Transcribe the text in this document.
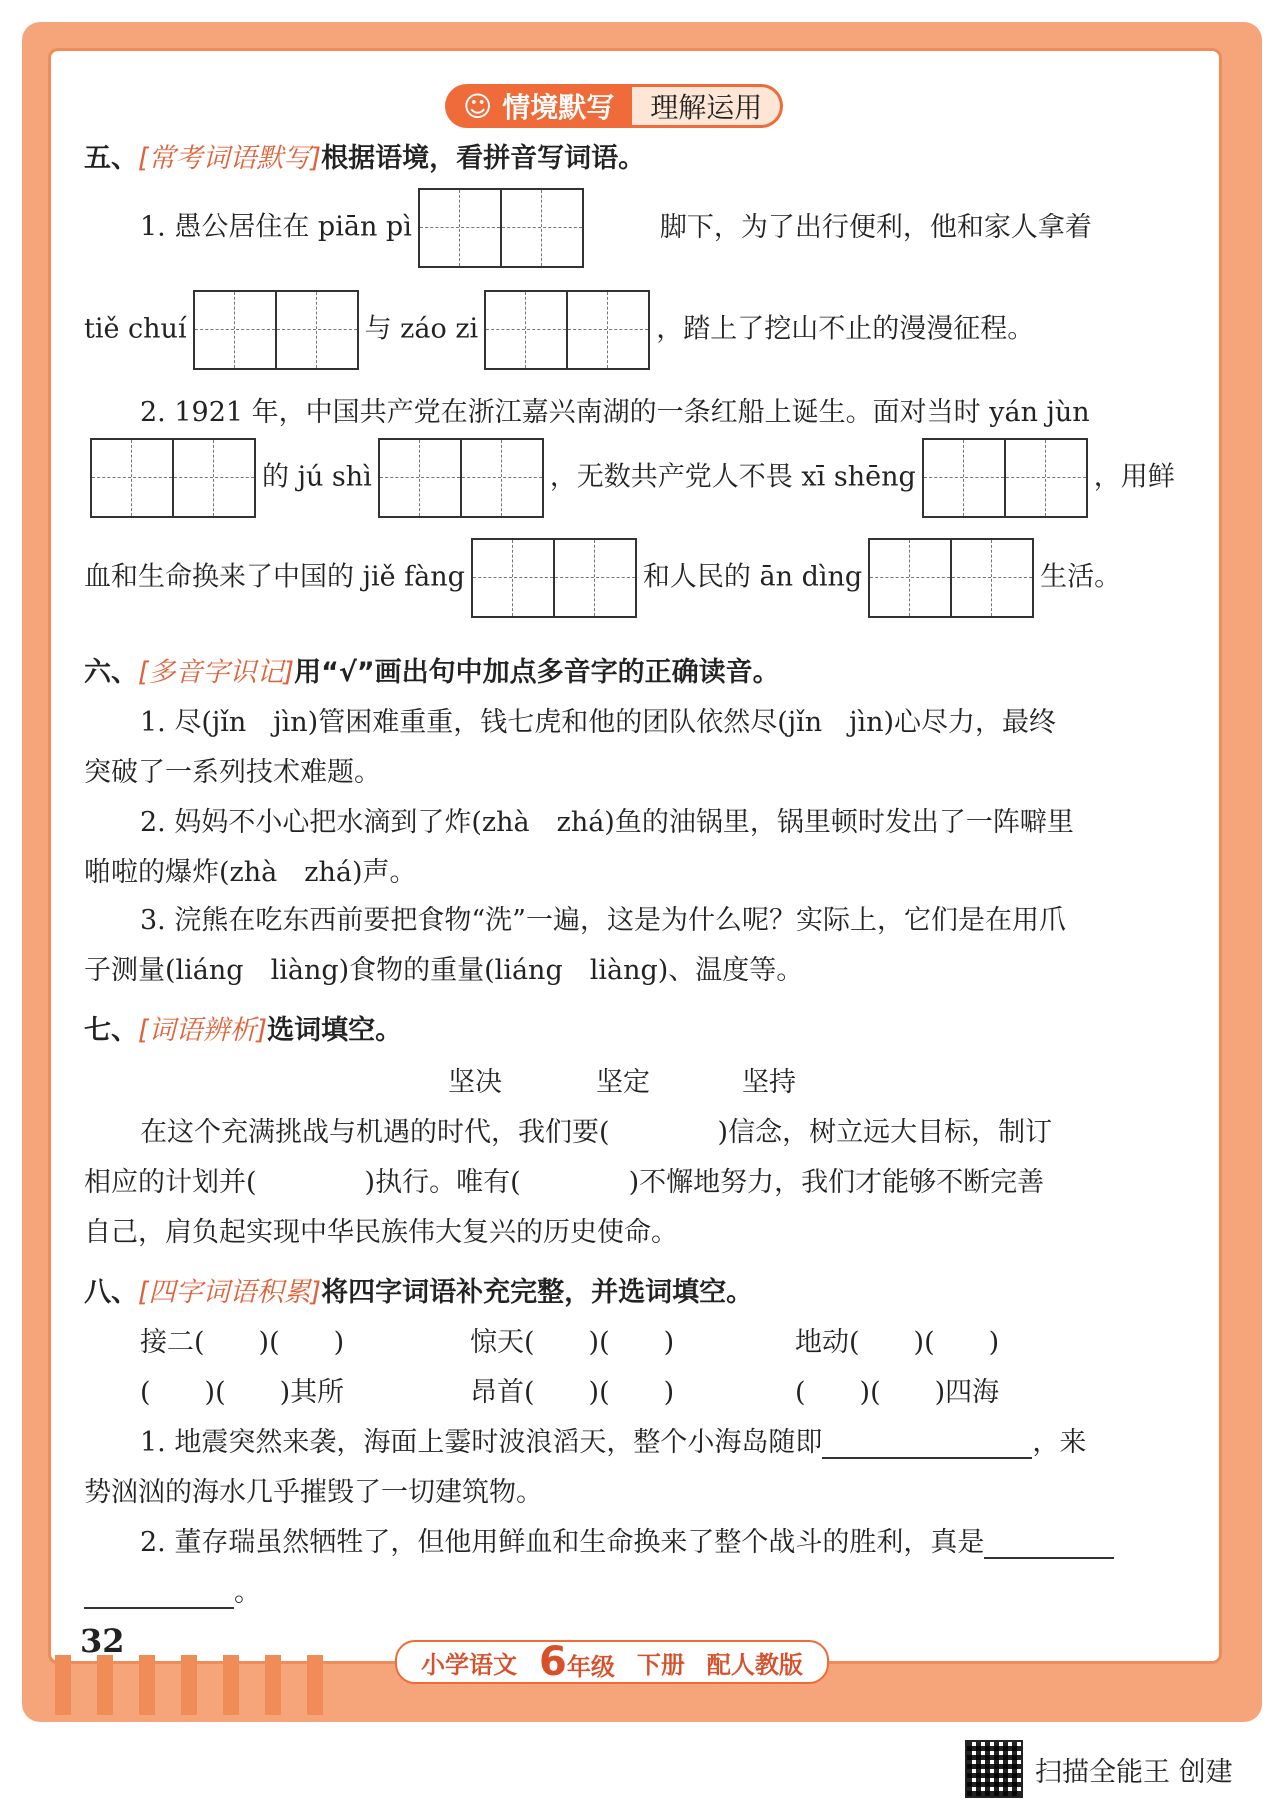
☺ 情境默写	理解运用
五、[常考词语默写]根据语境，看拼音写词语。
1. 愚公居住在 piān pì	脚下，为了出行便利，他和家人拿着
tiě chuí	与 záo zi	，踏上了挖山不止的漫漫征程。
2. 1921 年，中国共产党在浙江嘉兴南湖的一条红船上诞生。面对当时 yán jùn
的 jú shì	，无数共产党人不畏 xī shēng	，用鲜
血和生命换来了中国的 jiě fàng	和人民的 ān dìng	生活。
六、[多音字识记]用“√”画出句中加点多音字的正确读音。
1. 尽(jǐn　jìn)管困难重重，钱七虎和他的团队依然尽(jǐn　jìn)心尽力，最终
突破了一系列技术难题。
2. 妈妈不小心把水滴到了炸(zhà　zhá)鱼的油锅里，锅里顿时发出了一阵噼里
啪啦的爆炸(zhà　zhá)声。
3. 浣熊在吃东西前要把食物“洗”一遍，这是为什么呢？实际上，它们是在用爪
子测量(liáng　liàng)食物的重量(liáng　liàng)、温度等。
七、[词语辨析]选词填空。
坚决	坚定	坚持
在这个充满挑战与机遇的时代，我们要(　　　　)信念，树立远大目标，制订
相应的计划并(　　　　)执行。唯有(　　　　)不懈地努力，我们才能够不断完善
自己，肩负起实现中华民族伟大复兴的历史使命。
八、[四字词语积累]将四字词语补充完整，并选词填空。
接二(　　)(　　)	惊天(　　)(　　)	地动(　　)(　　)
(　　)(　　)其所	昂首(　　)(　　)	(　　)(　　)四海
1. 地震突然来袭，海面上霎时波浪滔天，整个小海岛随即	，来
势汹汹的海水几乎摧毁了一切建筑物。
2. 董存瑞虽然牺牲了，但他用鲜血和生命换来了整个战斗的胜利，真是
。
32
小学语文 6年级 下册 配人教版
扫描全能王 创建
